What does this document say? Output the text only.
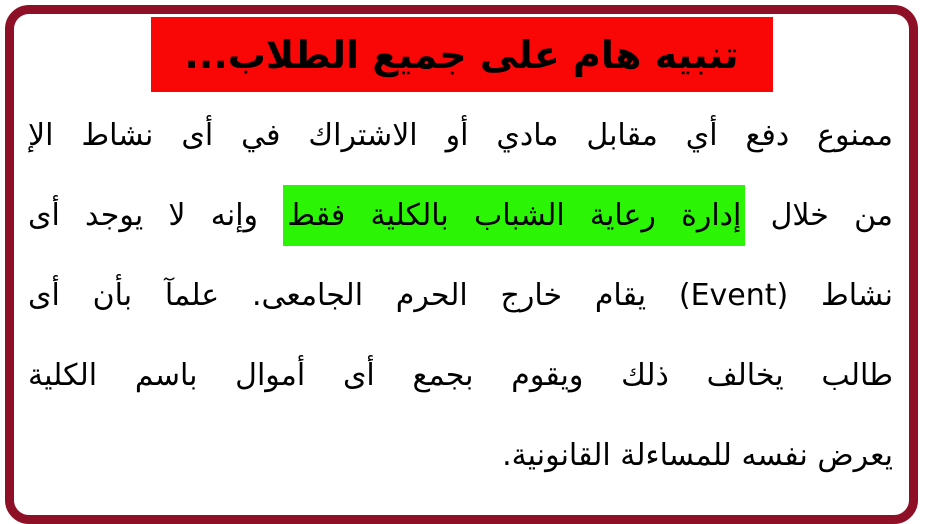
تنبيه هام على جميع الطلاب...
ممنوع دفع أي مقابل مادي أو الاشتراك في أى نشاط الإ
من خلال إدارة رعاية الشباب بالكلية فقط وإنه لا يوجد أى
نشاط (Event) يقام خارج الحرم الجامعى. علمآ بأن أى
طالب يخالف ذلك ويقوم بجمع أى أموال باسم الكلية
يعرض نفسه للمساءلة القانونية.
